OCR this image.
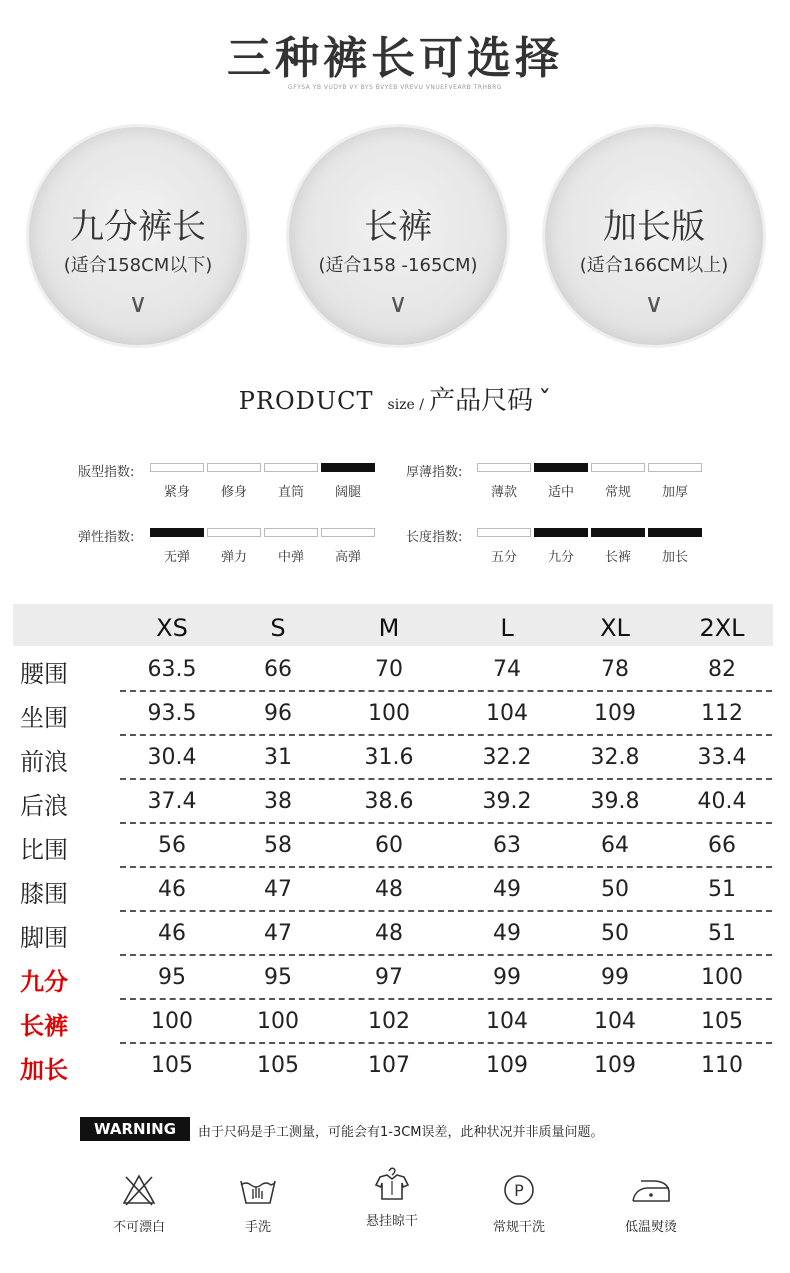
三种裤长可选择
GFYSA YB VUDYB VY BYS BVYEB VREVU VNUEFVEARB TRHBRG
九分裤长
(适合158CM以下)
∨
长裤
(适合158 -165CM)
∨
加长版
(适合166CM以上)
∨
PRODUCT size / 产品尺码 ˇ
版型指数:
紧身	修身	直筒	阔腿
厚薄指数:
薄款	适中	常规	加厚
弹性指数:
无弹	弹力	中弹	高弹
长度指数:
五分	九分	长裤	加长
XS	S	M	L	XL	2XL
腰围	63.5	66	70	74	78	82
坐围	93.5	96	100	104	109	112
前浪	30.4	31	31.6	32.2	32.8	33.4
后浪	37.4	38	38.6	39.2	39.8	40.4
比围	56	58	60	63	64	66
膝围	46	47	48	49	50	51
脚围	46	47	48	49	50	51
九分	95	95	97	99	99	100
长裤	100	100	102	104	104	105
加长	105	105	107	109	109	110
WARNING	由于尺码是手工测量，可能会有1-3CM误差，此种状况并非质量问题。
不可漂白	手洗	悬挂晾干
P
常规干洗	低温熨烫
